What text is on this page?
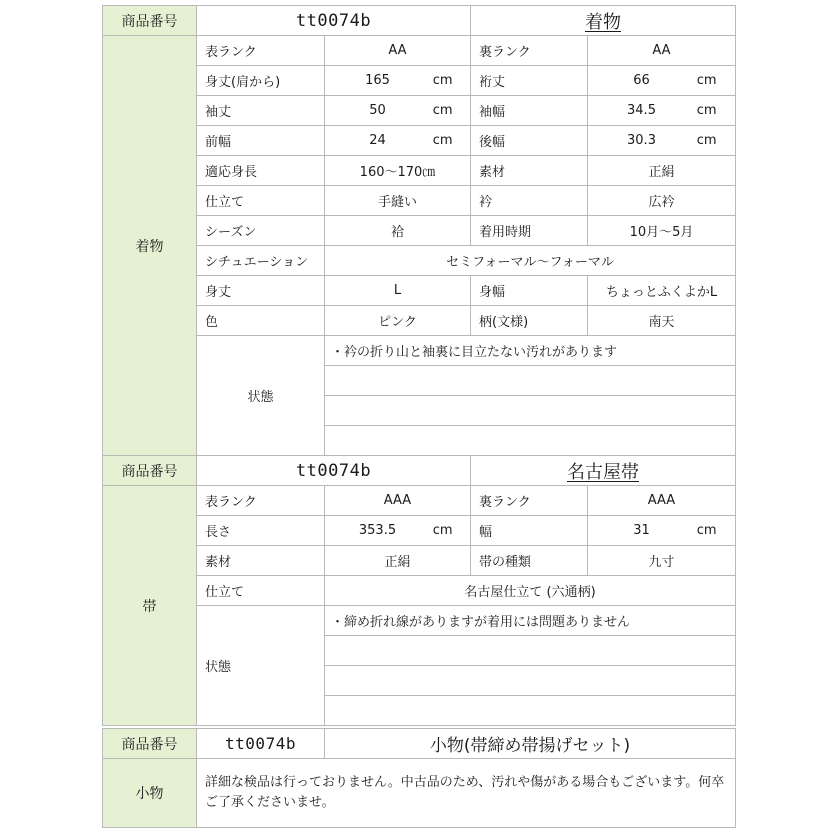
商品番号	tt0074b		着物	
着物	表ランク	AA	裏ランク	AA
	身丈(肩から)	165 cm	裄丈	66 cm
	袖丈	50 cm	袖幅	34.5 cm
	前幅	24 cm	後幅	30.3 cm
	適応身長	160〜170㎝	素材	正絹
	仕立て	手縫い	衿	広衿
	シーズン	袷	着用時期	10月〜5月
	シチュエーション	セミフォーマル〜フォーマル		
	身丈	L	身幅	ちょっとふくよかL
	色	ピンク	柄(文様)	南天
	状態	・衿の折り山と袖裏に目立たない汚れがあります		

商品番号	tt0074b		名古屋帯	
帯	表ランク	AAA	裏ランク	AAA
	長さ	353.5 cm	幅	31 cm
	素材	正絹	帯の種類	九寸
	仕立て	名古屋仕立て (六通柄)		
	状態	・締め折れ線がありますが着用には問題ありません		

商品番号	tt0074b	小物(帯締め帯揚げセット)
小物	詳細な検品は行っておりません。中古品のため、汚れや傷がある場合もございます。何卒ご了承くださいませ。	
